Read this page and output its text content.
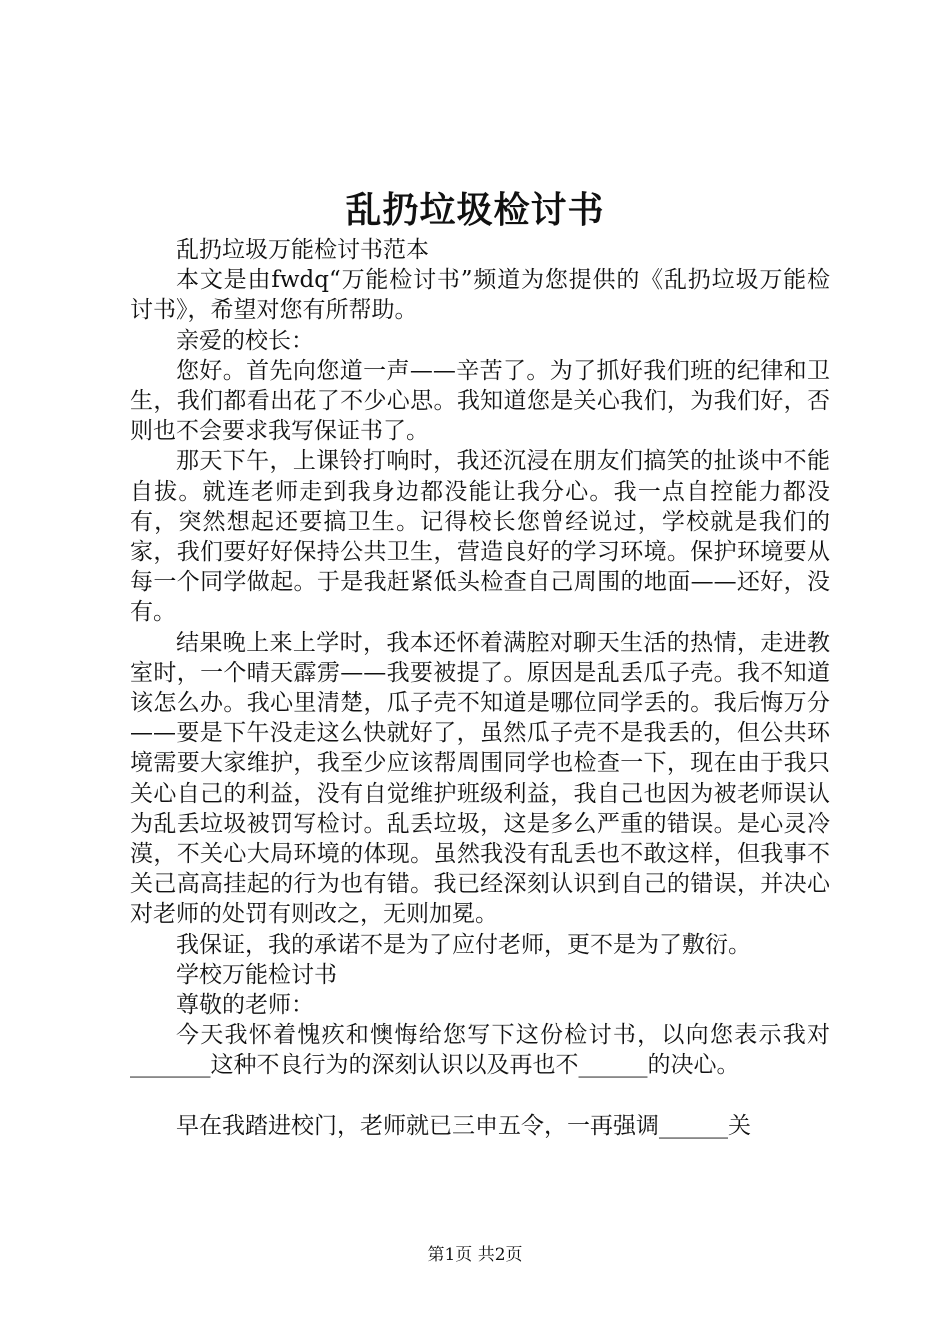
乱扔垃圾检讨书

乱扔垃圾万能检讨书范本

本文是由fwdq“万能检讨书”频道为您提供的《乱扔垃圾万能检讨书》，希望对您有所帮助。

亲爱的校长：

您好。首先向您道一声——辛苦了。为了抓好我们班的纪律和卫生，我们都看出花了不少心思。我知道您是关心我们，为我们好，否则也不会要求我写保证书了。

那天下午，上课铃打响时，我还沉浸在朋友们搞笑的扯谈中不能自拔。就连老师走到我身边都没能让我分心。我一点自控能力都没有，突然想起还要搞卫生。记得校长您曾经说过，学校就是我们的家，我们要好好保持公共卫生，营造良好的学习环境。保护环境要从每一个同学做起。于是我赶紧低头检查自己周围的地面——还好，没有。

结果晚上来上学时，我本还怀着满腔对聊天生活的热情，走进教室时，一个晴天霹雳——我要被提了。原因是乱丢瓜子壳。我不知道该怎么办。我心里清楚，瓜子壳不知道是哪位同学丢的。我后悔万分——要是下午没走这么快就好了，虽然瓜子壳不是我丢的，但公共环境需要大家维护，我至少应该帮周围同学也检查一下，现在由于我只关心自己的利益，没有自觉维护班级利益，我自己也因为被老师误认为乱丢垃圾被罚写检讨。乱丢垃圾，这是多么严重的错误。是心灵冷漠，不关心大局环境的体现。虽然我没有乱丢也不敢这样，但我事不关己高高挂起的行为也有错。我已经深刻认识到自己的错误，并决心对老师的处罚有则改之，无则加冕。

我保证，我的承诺不是为了应付老师，更不是为了敷衍。

学校万能检讨书

尊敬的老师：

今天我怀着愧疚和懊悔给您写下这份检讨书，以向您表示我对_______这种不良行为的深刻认识以及再也不______的决心。

早在我踏进校门，老师就已三申五令，一再强调______关

第1页 共2页
